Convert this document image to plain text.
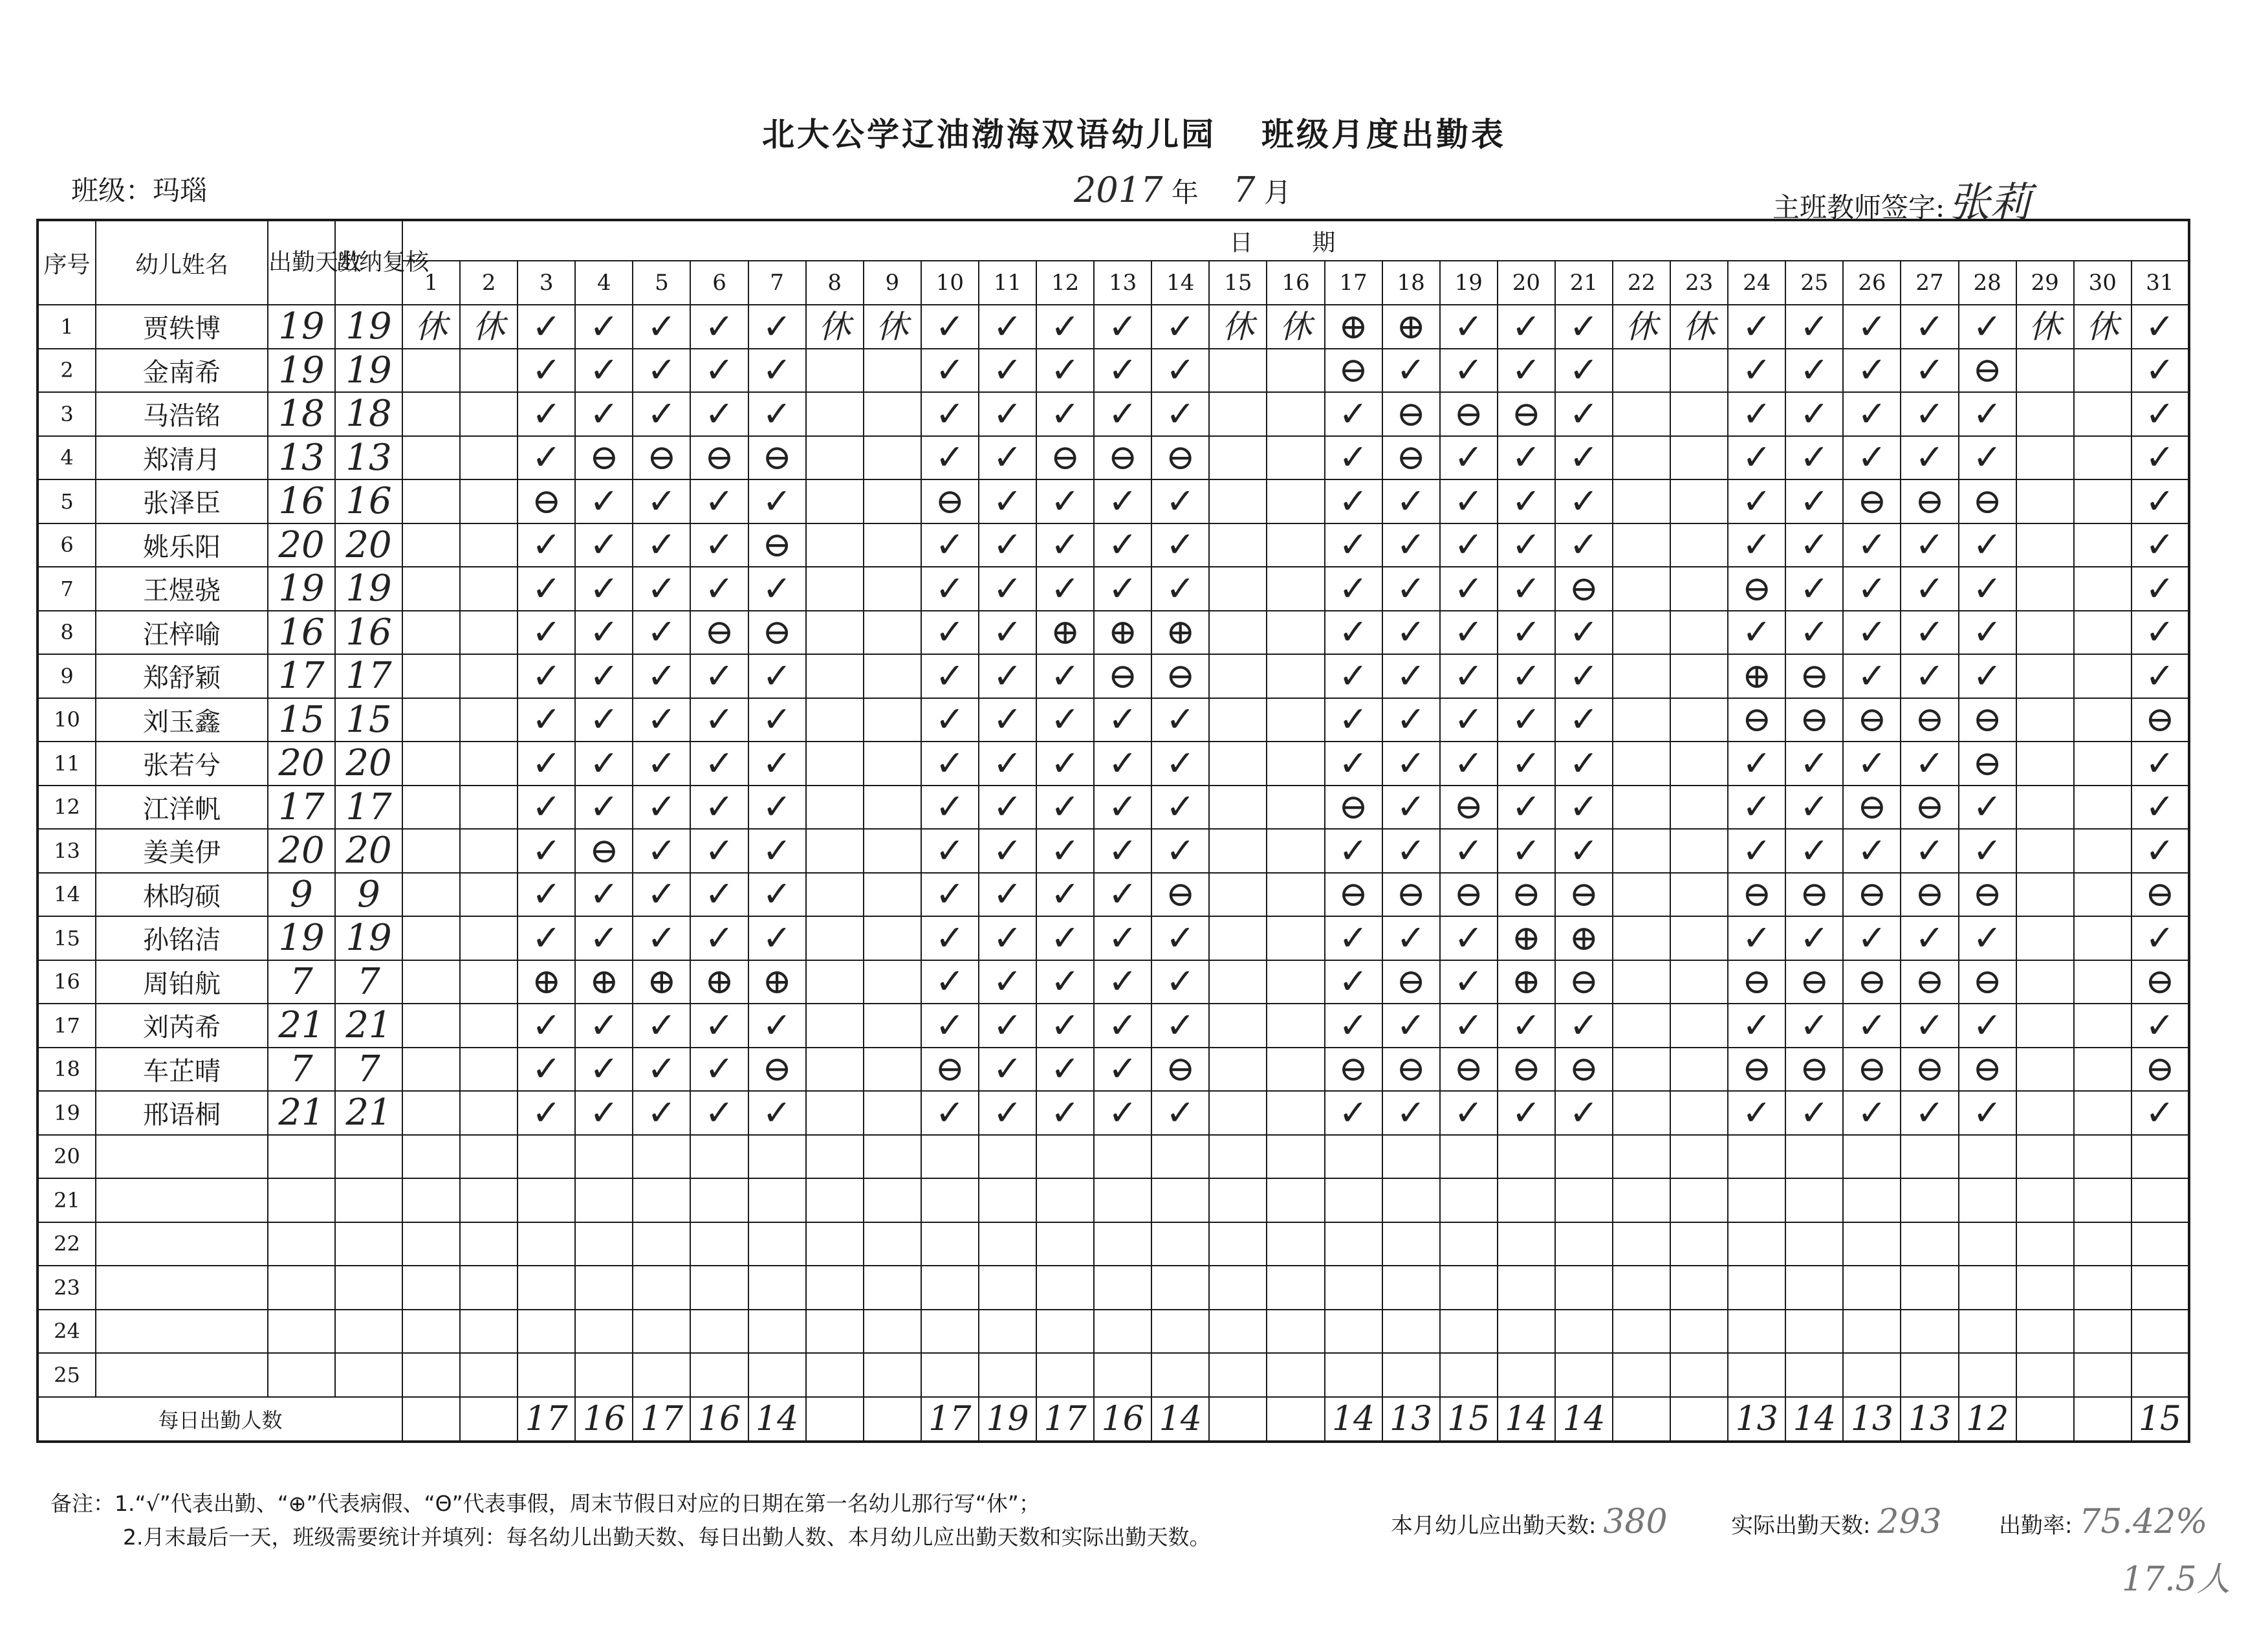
北大公学辽油渤海双语幼儿园 班级月度出勤表
班级：玛瑙	2017 年 7 月	主班教师签字:张莉
序号	幼儿姓名	出勤天数	出纳复核	日 期																														
				1	2	3	4	5	6	7	8	9	10	11	12	13	14	15	16	17	18	19	20	21	22	23	24	25	26	27	28	29	30	31
1	贾轶博	19	19	休	休	✓	✓	✓	✓	✓	休	休	✓	✓	✓	✓	✓	休	休	⊕	⊕	✓	✓	✓	休	休	✓	✓	✓	✓	✓	休	休	✓
2	金南希	19	19			✓	✓	✓	✓	✓			✓	✓	✓	✓	✓			⊖	✓	✓	✓	✓			✓	✓	✓	✓	⊖			✓
3	马浩铭	18	18			✓	✓	✓	✓	✓			✓	✓	✓	✓	✓			✓	⊖	⊖	⊖	✓			✓	✓	✓	✓	✓			✓
4	郑清月	13	13			✓	⊖	⊖	⊖	⊖			✓	✓	⊖	⊖	⊖			✓	⊖	✓	✓	✓			✓	✓	✓	✓	✓			✓
5	张泽臣	16	16			⊖	✓	✓	✓	✓			⊖	✓	✓	✓	✓			✓	✓	✓	✓	✓			✓	✓	⊖	⊖	⊖			✓
6	姚乐阳	20	20			✓	✓	✓	✓	⊖			✓	✓	✓	✓	✓			✓	✓	✓	✓	✓			✓	✓	✓	✓	✓			✓
7	王煜骁	19	19			✓	✓	✓	✓	✓			✓	✓	✓	✓	✓			✓	✓	✓	✓	⊖			⊖	✓	✓	✓	✓			✓
8	汪梓喻	16	16			✓	✓	✓	⊖	⊖			✓	✓	⊕	⊕	⊕			✓	✓	✓	✓	✓			✓	✓	✓	✓	✓			✓
9	郑舒颖	17	17			✓	✓	✓	✓	✓			✓	✓	✓	⊖	⊖			✓	✓	✓	✓	✓			⊕	⊖	✓	✓	✓			✓
10	刘玉鑫	15	15			✓	✓	✓	✓	✓			✓	✓	✓	✓	✓			✓	✓	✓	✓	✓			⊖	⊖	⊖	⊖	⊖			⊖
11	张若兮	20	20			✓	✓	✓	✓	✓			✓	✓	✓	✓	✓			✓	✓	✓	✓	✓			✓	✓	✓	✓	⊖			✓
12	江洋帆	17	17			✓	✓	✓	✓	✓			✓	✓	✓	✓	✓			⊖	✓	⊖	✓	✓			✓	✓	⊖	⊖	✓			✓
13	姜美伊	20	20			✓	⊖	✓	✓	✓			✓	✓	✓	✓	✓			✓	✓	✓	✓	✓			✓	✓	✓	✓	✓			✓
14	林昀硕	9	9			✓	✓	✓	✓	✓			✓	✓	✓	✓	⊖			⊖	⊖	⊖	⊖	⊖			⊖	⊖	⊖	⊖	⊖			⊖
15	孙铭洁	19	19			✓	✓	✓	✓	✓			✓	✓	✓	✓	✓			✓	✓	✓	⊕	⊕			✓	✓	✓	✓	✓			✓
16	周铂航	7	7			⊕	⊕	⊕	⊕	⊕			✓	✓	✓	✓	✓			✓	⊖	✓	⊕	⊖			⊖	⊖	⊖	⊖	⊖			⊖
17	刘芮希	21	21			✓	✓	✓	✓	✓			✓	✓	✓	✓	✓			✓	✓	✓	✓	✓			✓	✓	✓	✓	✓			✓
18	车芷晴	7	7			✓	✓	✓	✓	⊖			⊖	✓	✓	✓	⊖			⊖	⊖	⊖	⊖	⊖			⊖	⊖	⊖	⊖	⊖			⊖
19	邢语桐	21	21			✓	✓	✓	✓	✓			✓	✓	✓	✓	✓			✓	✓	✓	✓	✓			✓	✓	✓	✓	✓			✓
20																																		
21																																		
22																																		
23																																		
24																																		
25																																		
每日出勤人数						17	16	17	16	14			17	19	17	16	14			14	13	15	14	14			13	14	13	13	12			15
备注：1.“√”代表出勤、“⊕”代表病假、“Θ”代表事假，周末节假日对应的日期在第一名幼儿那行写“休”；
2.月末最后一天，班级需要统计并填列：每名幼儿出勤天数、每日出勤人数、本月幼儿应出勤天数和实际出勤天数。	本月幼儿应出勤天数: 380	实际出勤天数: 293	出勤率: 75.42%
17.5人
